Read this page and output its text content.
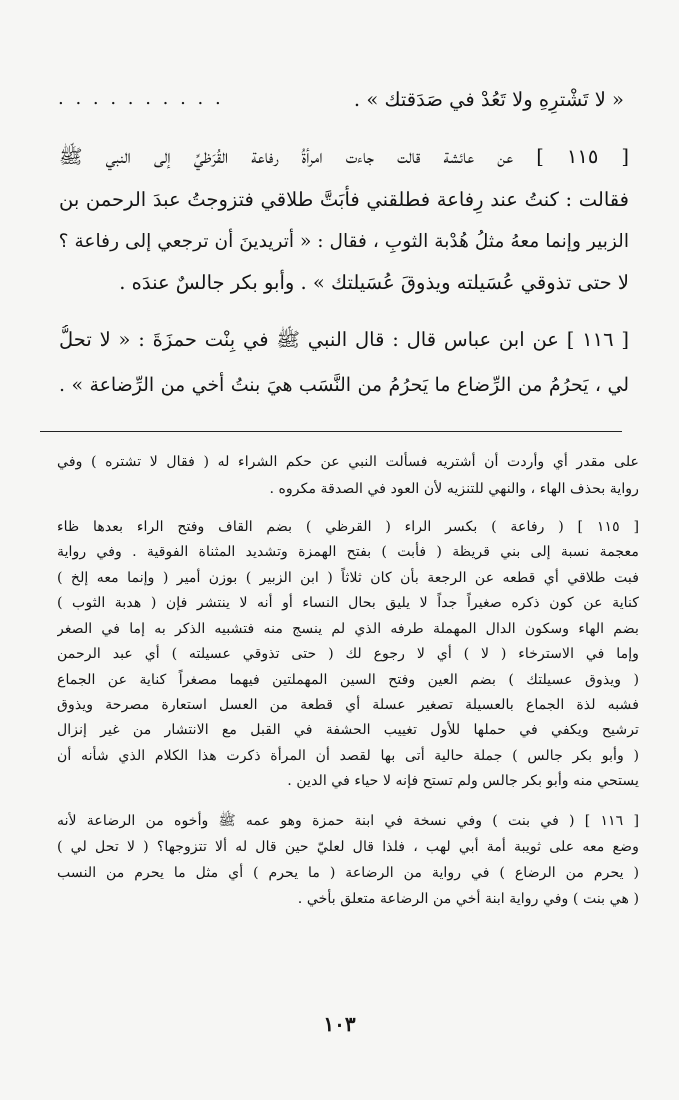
. . . . . . . . . .	« لا تَشْترِهِ ولا تَعُدْ في صَدَقتك » .
[ ١١٥ ] عن عائشة قالت جاءت امرأةُ رفاعة القُرَظيِّ إلى النبي ﷺ
فقالت : كنتُ عند رِفاعة فطلقني فأَبَتَّ طلاقي فتزوجتُ عبدَ الرحمن بن
الزبير وإنما معهُ مثلُ هُدْبة الثوبِ ، فقال : « أتريدينَ أن ترجعي إلى رفاعة ؟
لا حتى تذوقي عُسَيلته ويذوقَ عُسَيلتك » . وأبو بكر جالسٌ عندَه .
[ ١١٦ ] عن ابن عباس قال : قال النبي ﷺ في بِنْت حمزَةَ : « لا تحلُّ
لي ، يَحرُمُ من الرِّضاع ما يَحرُمُ من النَّسَب هيَ بنتُ أخي من الرِّضاعة » .
على مقدر أي وأردت أن أشتريه فسألت النبي عن حكم الشراء له ( فقال لا تشتره ) وفي
رواية بحذف الهاء ، والنهي للتنزيه لأن العود في الصدقة مكروه .
[ ١١٥ ] ( رفاعة ) بكسر الراء ( القرظي ) بضم القاف وفتح الراء بعدها ظاء
معجمة نسبة إلى بني قريظة ( فأبت ) بفتح الهمزة وتشديد المثناة الفوقية . وفي رواية
فبت طلاقي أي قطعه عن الرجعة بأن كان ثلاثاً ( ابن الزبير ) بوزن أمير ( وإنما معه إلخ )
كناية عن كون ذكره صغيراً جداً لا يليق بحال النساء أو أنه لا ينتشر فإن ( هدبة الثوب )
بضم الهاء وسكون الدال المهملة طرفه الذي لم ينسج منه فتشبيه الذكر به إما في الصغر
وإما في الاسترخاء ( لا ) أي لا رجوع لك ( حتى تذوقي عسيلته ) أي عبد الرحمن
( ويذوق عسيلتك ) بضم العين وفتح السين المهملتين فيهما مصغراً كناية عن الجماع
فشبه لذة الجماع بالعسيلة تصغير عسلة أي قطعة من العسل استعارة مصرحة ويذوق
ترشيح ويكفي في حملها للأول تغييب الحشفة في القبل مع الانتشار من غير إنزال
( وأبو بكر جالس ) جملة حالية أتى بها لقصد أن المرأة ذكرت هذا الكلام الذي شأنه أن
يستحي منه وأبو بكر جالس ولم تستح فإنه لا حياء في الدين .
[ ١١٦ ] ( في بنت ) وفي نسخة في ابنة حمزة وهو عمه ﷺ وأخوه من الرضاعة لأنه
وضع معه على ثويبة أمة أبي لهب ، فلذا قال لعليّ حين قال له ألا تتزوجها؟ ( لا تحل لي )
( يحرم من الرضاع ) في رواية من الرضاعة ( ما يحرم ) أي مثل ما يحرم من النسب
( هي بنت ) وفي رواية ابنة أخي من الرضاعة متعلق بأخي .
١٠٣
